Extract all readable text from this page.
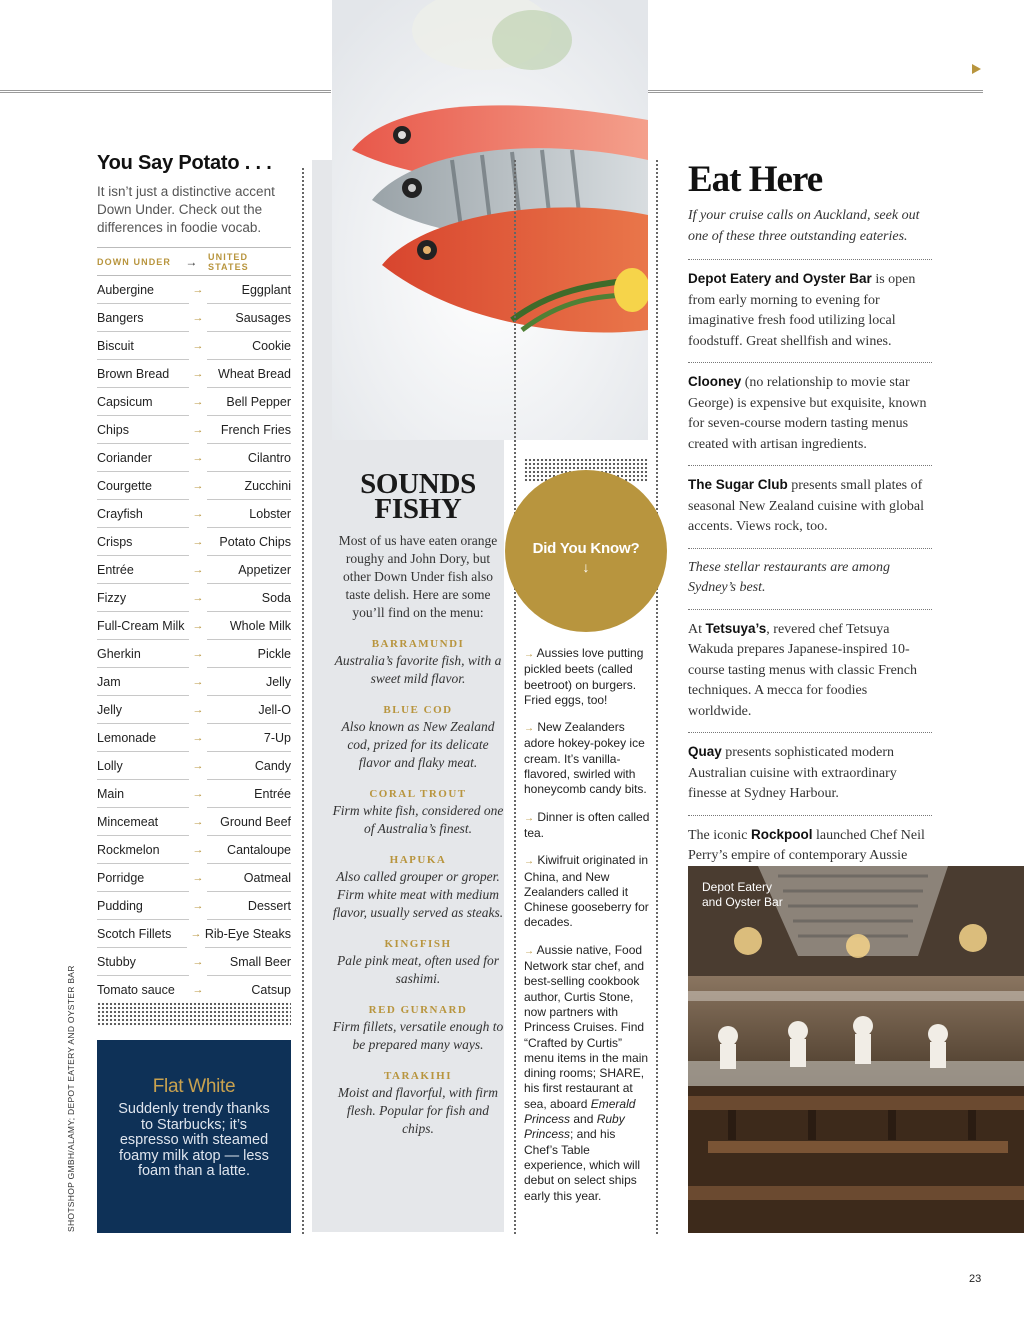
You Say Potato . . .
It isn’t just a distinctive accent Down Under. Check out the differences in foodie vocab.
DOWN UNDER	→	UNITED STATES
Aubergine	→	Eggplant
Bangers	→	Sausages
Biscuit	→	Cookie
Brown Bread	→	Wheat Bread
Capsicum	→	Bell Pepper
Chips	→	French Fries
Coriander	→	Cilantro
Courgette	→	Zucchini
Crayfish	→	Lobster
Crisps	→	Potato Chips
Entrée	→	Appetizer
Fizzy	→	Soda
Full-Cream Milk →	Whole Milk
Gherkin	→	Pickle
Jam	→	Jelly
Jelly	→	Jell-O
Lemonade	→	7-Up
Lolly	→	Candy
Main	→	Entrée
Mincemeat	→	Ground Beef
Rockmelon	→	Cantaloupe
Porridge	→	Oatmeal
Pudding	→	Dessert
Scotch Fillets	→ Rib-Eye Steaks
Stubby	→	Small Beer
Tomato sauce	→	Catsup
Flat White
Suddenly trendy thanks to Starbucks; it’s espresso with steamed foamy milk atop — less foam than a latte.
SHOTSHOP GMBH/ALAMY; DEPOT EATERY AND OYSTER BAR
SOUNDS
FISHY
Most of us have eaten orange roughy and John Dory, but other Down Under fish also taste delish. Here are some you’ll find on the menu:
BARRAMUNDI
Australia’s favorite fish, with a sweet mild flavor.
BLUE COD
Also known as New Zealand cod, prized for its delicate flavor and flaky meat.
CORAL TROUT
Firm white fish, considered one of Australia’s finest.
HAPUKA
Also called grouper or groper. Firm white meat with medium flavor, usually served as steaks.
KINGFISH
Pale pink meat, often used for sashimi.
RED GURNARD
Firm fillets, versatile enough to be prepared many ways.
TARAKIHI
Moist and flavorful, with firm flesh. Popular for fish and chips.
Did You Know?
↓
→ Aussies love putting pickled beets (called beetroot) on burgers. Fried eggs, too!
→ New Zealanders adore hokey-pokey ice cream. It’s vanilla-flavored, swirled with honeycomb candy bits.
→ Dinner is often called tea.
→ Kiwifruit originated in China, and New Zealanders called it Chinese gooseberry for decades.
→ Aussie native, Food Network star chef, and best-selling cookbook author, Curtis Stone, now partners with Princess Cruises. Find “Crafted by Curtis” menu items in the main dining rooms; SHARE, his first restaurant at sea, aboard Emerald Princess and Ruby Princess; and his Chef’s Table experience, which will debut on select ships early this year.
Eat Here
If your cruise calls on Auckland, seek out one of these three outstanding eateries.
Depot Eatery and Oyster Bar is open from early morning to evening for imaginative fresh food utilizing local foodstuff. Great shellfish and wines.
Clooney (no relationship to movie star George) is expensive but exquisite, known for seven-course modern tasting menus created with artisan ingredients.
The Sugar Club presents small plates of seasonal New Zealand cuisine with global accents. Views rock, too.
These stellar restaurants are among Sydney’s best.
At Tetsuya’s, revered chef Tetsuya Wakuda prepares Japanese-inspired 10-course tasting menus with classic French techniques. A mecca for foodies worldwide.
Quay presents sophisticated modern Australian cuisine with extraordinary finesse at Sydney Harbour.
The iconic Rockpool launched Chef Neil Perry’s empire of contemporary Aussie
Depot Eatery
and Oyster Bar
23
